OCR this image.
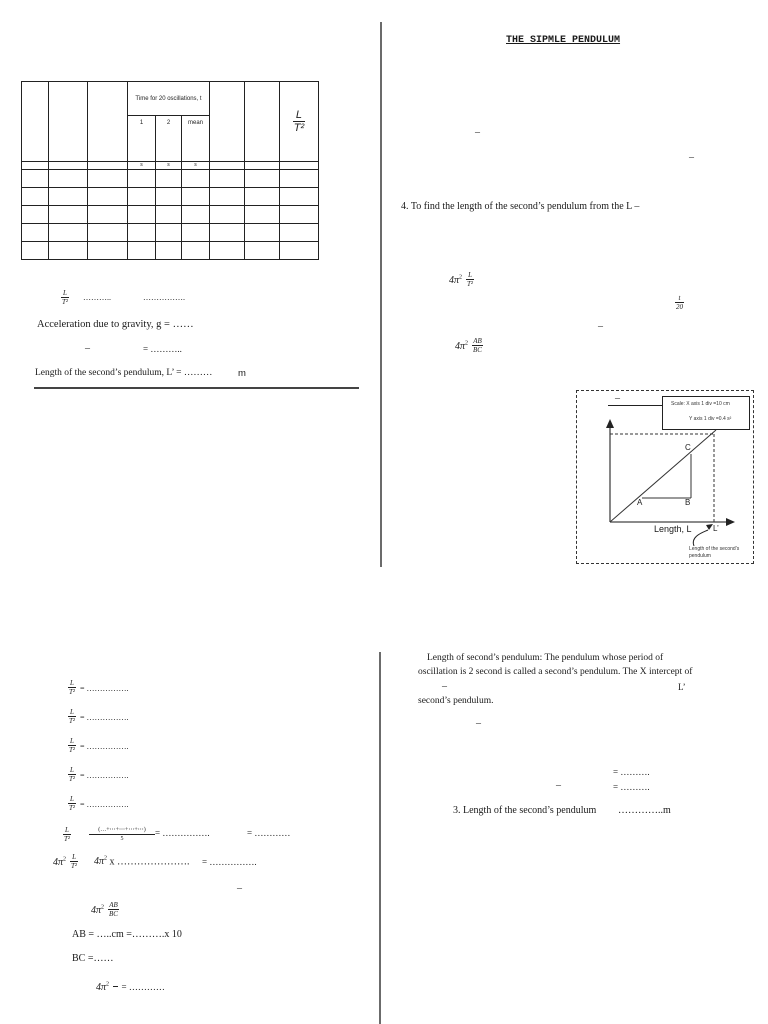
			Time for 20 oscillations, t					$\frac{L}{\text{T²}}$

			1	2	mean			
			s	s	s			

$\frac{L}{\text{T²}}$ ………..	…………….
Acceleration due to gravity, g = ……
–	= ………..
Length of the second’s pendulum, L’ = ………	m
THE SIPMLE PENDULUM
–
–
4. To find the length of the second’s pendulum from the L –
$4\pi^2 \frac{L}{\text{T²}}$
$\frac{t}{20}$
–
$4\pi^2 \frac{AB}{BC}$
–	Scale: X axis 1 div =10 cm
Y axis 1 div =0.4 s²
A	B
C
Length, L	L’
Length of the second’s pendulum
$\frac{L}{\text{T²}}$ = …………….
$\frac{L}{\text{T²}}$ = …………….
$\frac{L}{\text{T²}}$ = …………….
$\frac{L}{\text{T²}}$ = …………….
$\frac{L}{\text{T²}}$ = …………….
$\frac{L}{\text{T²}}$	$\frac{(\dots+\cdots+\cdots+\cdots+\cdots)}{5}$ = …………….	= …………
$4\pi^2 \frac{L}{\text{T²}} 4\pi^2$ x …………………. = …………….
–
$4\pi^2 \frac{AB}{BC}$
AB = …..cm =……….x 10
BC =……
$4\pi^2$

= …………
Length of second’s pendulum: The pendulum whose period of
oscillation is 2 second is called a second’s pendulum. The X intercept of
–	L’
second’s pendulum.
–
= ……….
–	= ……….
3. Length of the second’s pendulum …………..m
